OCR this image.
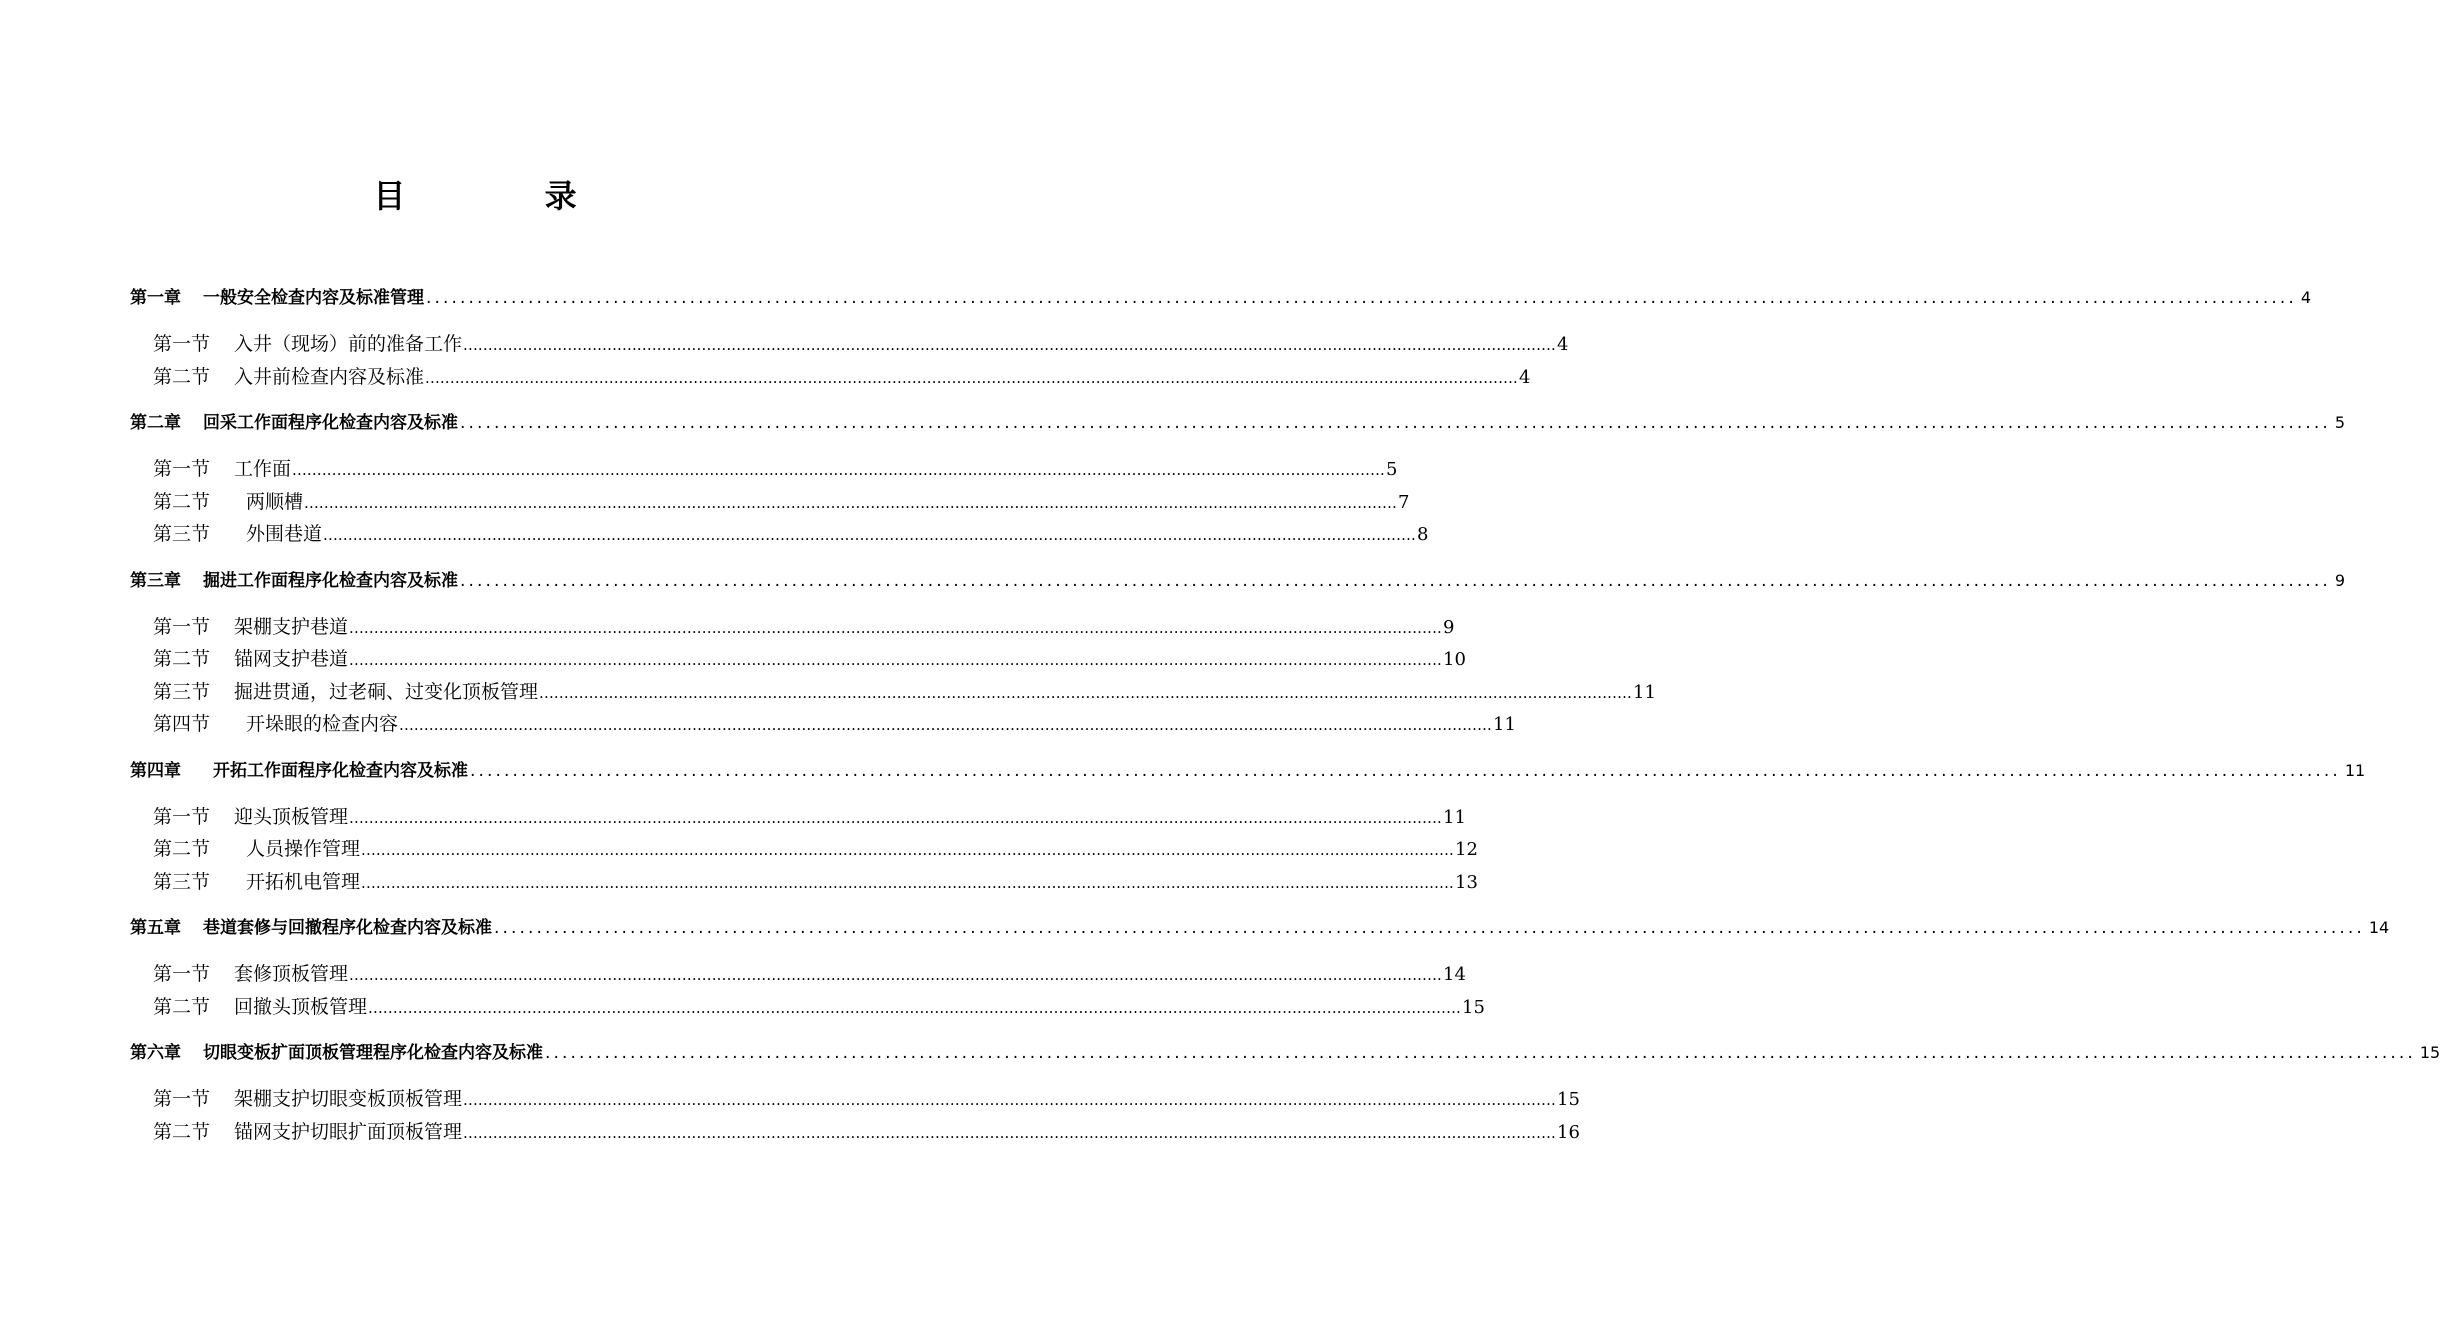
目 录
第一章 一般安全检查内容及标准管理 ............................................................................................................................................................................................................................ 4
第一节 入井（现场）前的准备工作 ............................................................................................................................................................................................................................ 4
第二节 入井前检查内容及标准 ............................................................................................................................................................................................................................ 4
第二章 回采工作面程序化检查内容及标准 ............................................................................................................................................................................................................................ 5
第一节 工作面 ............................................................................................................................................................................................................................ 5
第二节 两顺槽 ............................................................................................................................................................................................................................ 7
第三节 外围巷道 ............................................................................................................................................................................................................................ 8
第三章 掘进工作面程序化检查内容及标准 ............................................................................................................................................................................................................................ 9
第一节 架棚支护巷道 ............................................................................................................................................................................................................................ 9
第二节 锚网支护巷道 ............................................................................................................................................................................................................................ 10
第三节 掘进贯通，过老硐、过变化顶板管理 ............................................................................................................................................................................................................................ 11
第四节 开垛眼的检查内容 ............................................................................................................................................................................................................................ 11
第四章 开拓工作面程序化检查内容及标准 ............................................................................................................................................................................................................................ 11
第一节 迎头顶板管理 ............................................................................................................................................................................................................................ 11
第二节 人员操作管理 ............................................................................................................................................................................................................................ 12
第三节 开拓机电管理 ............................................................................................................................................................................................................................ 13
第五章 巷道套修与回撤程序化检查内容及标准 ............................................................................................................................................................................................................................ 14
第一节 套修顶板管理 ............................................................................................................................................................................................................................ 14
第二节 回撤头顶板管理 ............................................................................................................................................................................................................................ 15
第六章 切眼变板扩面顶板管理程序化检查内容及标准 ............................................................................................................................................................................................................................ 15
第一节 架棚支护切眼变板顶板管理 ............................................................................................................................................................................................................................ 15
第二节 锚网支护切眼扩面顶板管理 ............................................................................................................................................................................................................................ 16
